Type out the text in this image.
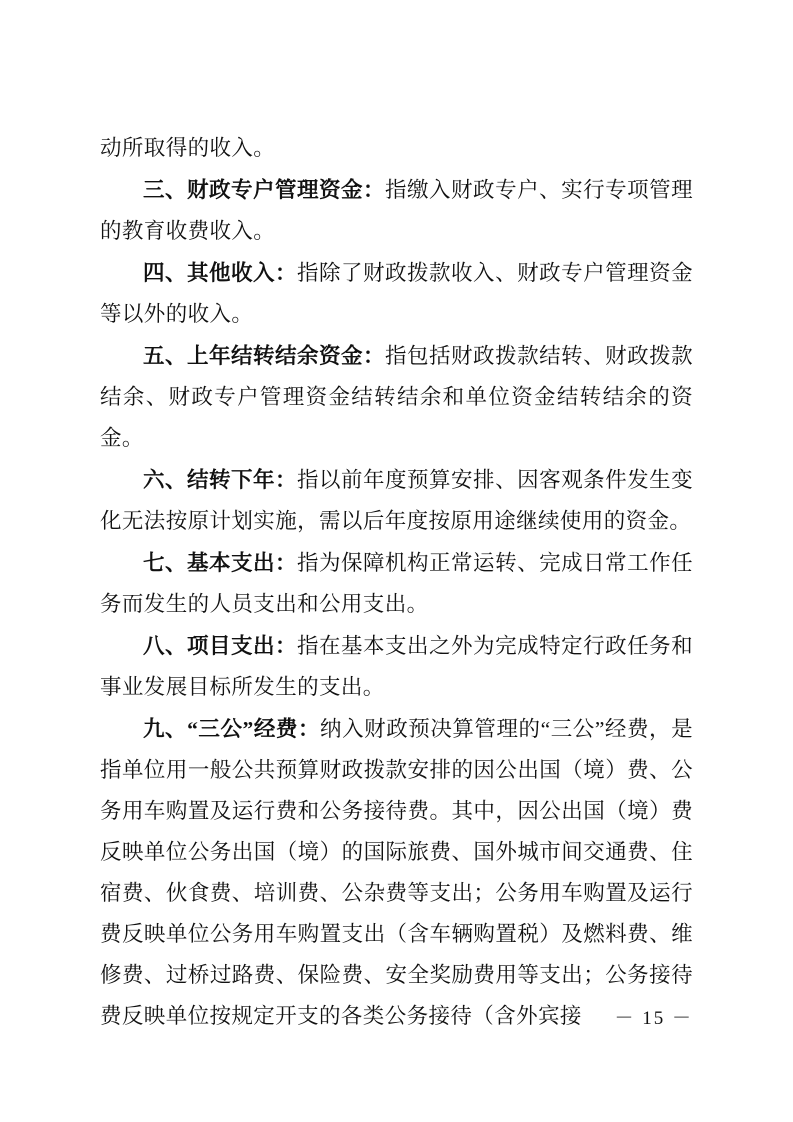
动所取得的收入。

三、财政专户管理资金：指缴入财政专户、实行专项管理的教育收费收入。

四、其他收入：指除了财政拨款收入、财政专户管理资金等以外的收入。

五、上年结转结余资金：指包括财政拨款结转、财政拨款结余、财政专户管理资金结转结余和单位资金结转结余的资金。

六、结转下年：指以前年度预算安排、因客观条件发生变化无法按原计划实施，需以后年度按原用途继续使用的资金。

七、基本支出：指为保障机构正常运转、完成日常工作任务而发生的人员支出和公用支出。

八、项目支出：指在基本支出之外为完成特定行政任务和事业发展目标所发生的支出。

九、“三公”经费：纳入财政预决算管理的“三公”经费，是指单位用一般公共预算财政拨款安排的因公出国（境）费、公务用车购置及运行费和公务接待费。其中，因公出国（境）费反映单位公务出国（境）的国际旅费、国外城市间交通费、住宿费、伙食费、培训费、公杂费等支出；公务用车购置及运行费反映单位公务用车购置支出（含车辆购置税）及燃料费、维修费、过桥过路费、保险费、安全奖励费用等支出；公务接待费反映单位按规定开支的各类公务接待（含外宾接	－ 15 －
